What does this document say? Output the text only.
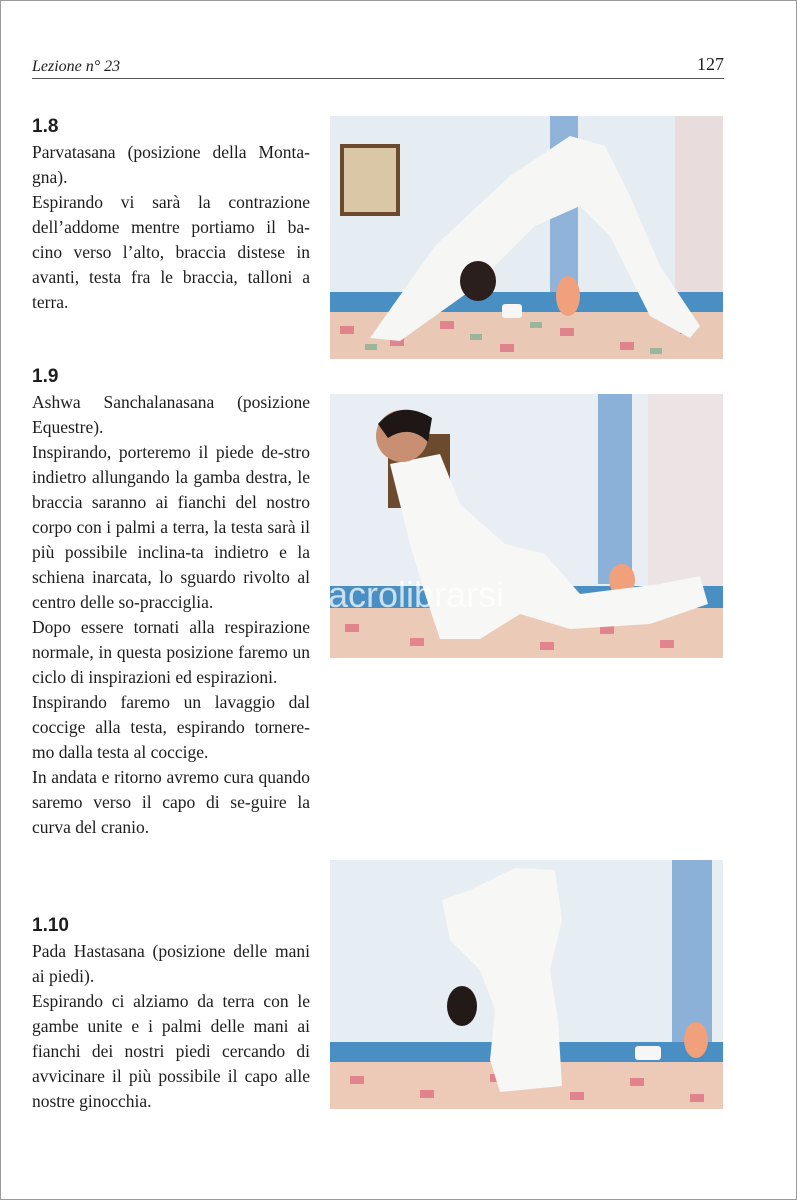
Lezione n° 23	127
1.8

Parvatasana (posizione della Monta-gna).

Espirando vi sarà la contrazione dell’addome mentre portiamo il ba-cino verso l’alto, braccia distese in avanti, testa fra le braccia, talloni a terra.

1.9

Ashwa Sanchalanasana (posizione Equestre).

Inspirando, porteremo il piede de-stro indietro allungando la gamba destra, le braccia saranno ai fianchi del nostro corpo con i palmi a terra, la testa sarà il più possibile inclina-ta indietro e la schiena inarcata, lo sguardo rivolto al centro delle so-pracciglia.

Dopo essere tornati alla respirazione normale, in questa posizione faremo un ciclo di inspirazioni ed espirazioni.

Inspirando faremo un lavaggio dal coccige alla testa, espirando tornere-mo dalla testa al coccige.

In andata e ritorno avremo cura quando saremo verso il capo di se-guire la curva del cranio.

1.10

Pada Hastasana (posizione delle mani ai piedi).

Espirando ci alziamo da terra con le gambe unite e i palmi delle mani ai fianchi dei nostri piedi cercando di avvicinare il più possibile il capo alle nostre ginocchia.

macrolibrarsi
